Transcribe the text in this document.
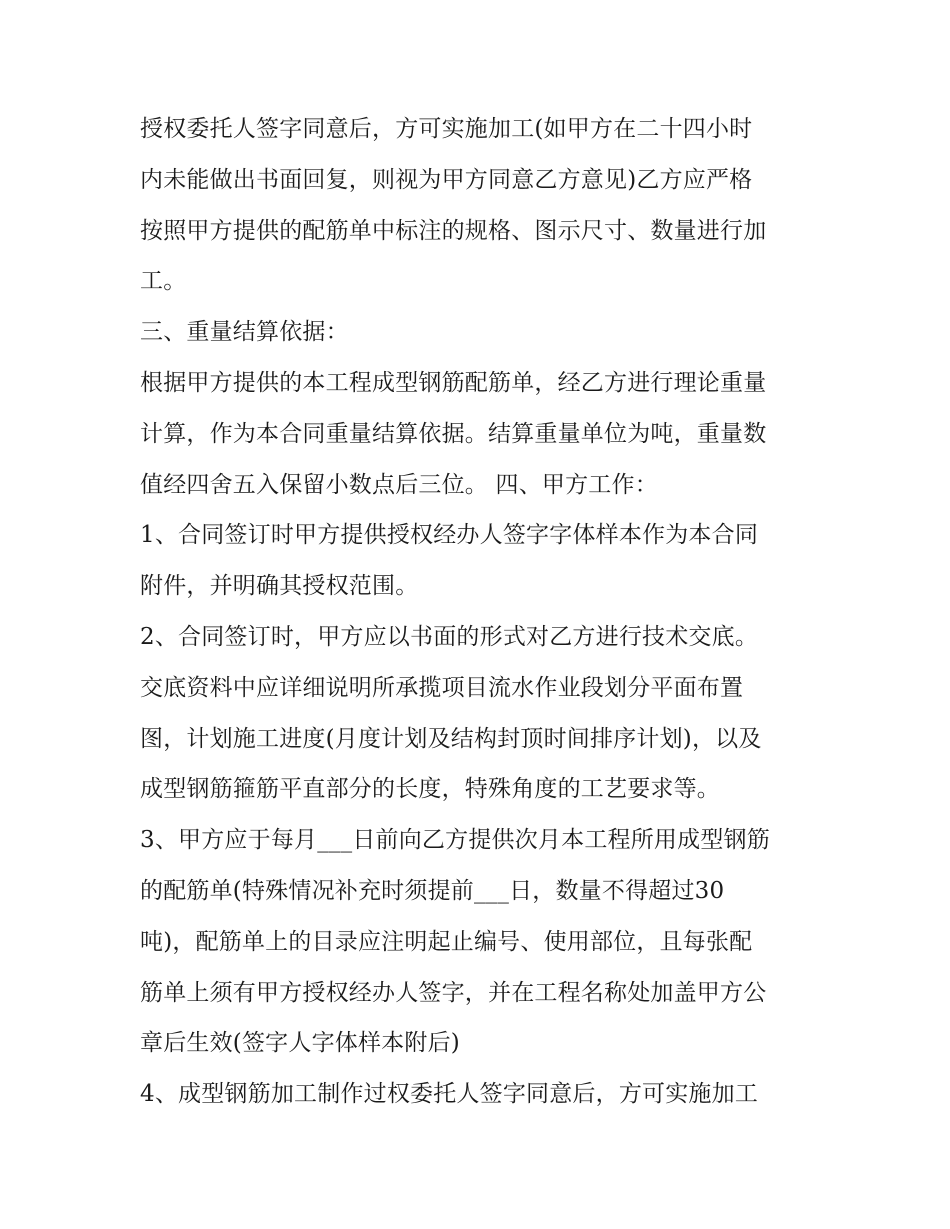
授权委托人签字同意后，方可实施加工(如甲方在二十四小时
内未能做出书面回复，则视为甲方同意乙方意见)乙方应严格
按照甲方提供的配筋单中标注的规格、图示尺寸、数量进行加
工。
三、重量结算依据：
根据甲方提供的本工程成型钢筋配筋单，经乙方进行理论重量
计算，作为本合同重量结算依据。结算重量单位为吨，重量数
值经四舍五入保留小数点后三位。 四、甲方工作：
1、合同签订时甲方提供授权经办人签字字体样本作为本合同
附件，并明确其授权范围。
2、合同签订时，甲方应以书面的形式对乙方进行技术交底。
交底资料中应详细说明所承揽项目流水作业段划分平面布置
图，计划施工进度(月度计划及结构封顶时间排序计划)，以及
成型钢筋箍筋平直部分的长度，特殊角度的工艺要求等。
3、甲方应于每月___日前向乙方提供次月本工程所用成型钢筋
的配筋单(特殊情况补充时须提前___日，数量不得超过30
吨)，配筋单上的目录应注明起止编号、使用部位，且每张配
筋单上须有甲方授权经办人签字，并在工程名称处加盖甲方公
章后生效(签字人字体样本附后)
4、成型钢筋加工制作过权委托人签字同意后，方可实施加工
